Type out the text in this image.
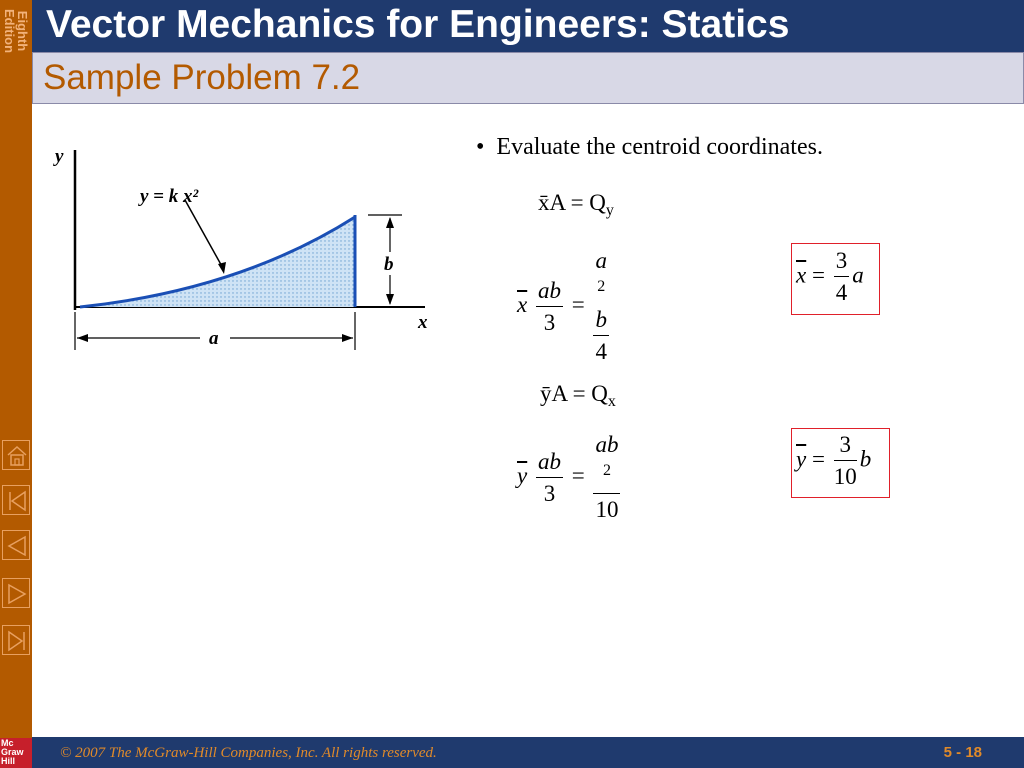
Eighth Edition
Mc Graw Hill
Vector Mechanics for Engineers: Statics
Sample Problem 7.2
y
x
y = k x²
b
a
•  Evaluate the centroid coordinates.
x̄A = $Q_y$
$\overline{x} \frac{ab}{3} = a$
$^2$
b
4	$\overline{x} = \frac{3}{4}$ a
ȳA = $Q_x$
$\overline{y} \frac{ab}{3}$ = ab
$^2$
10	$\overline{y} = \frac{3}{10}$ b
© 2007 The McGraw-Hill Companies, Inc. All rights reserved.	5 - 18
